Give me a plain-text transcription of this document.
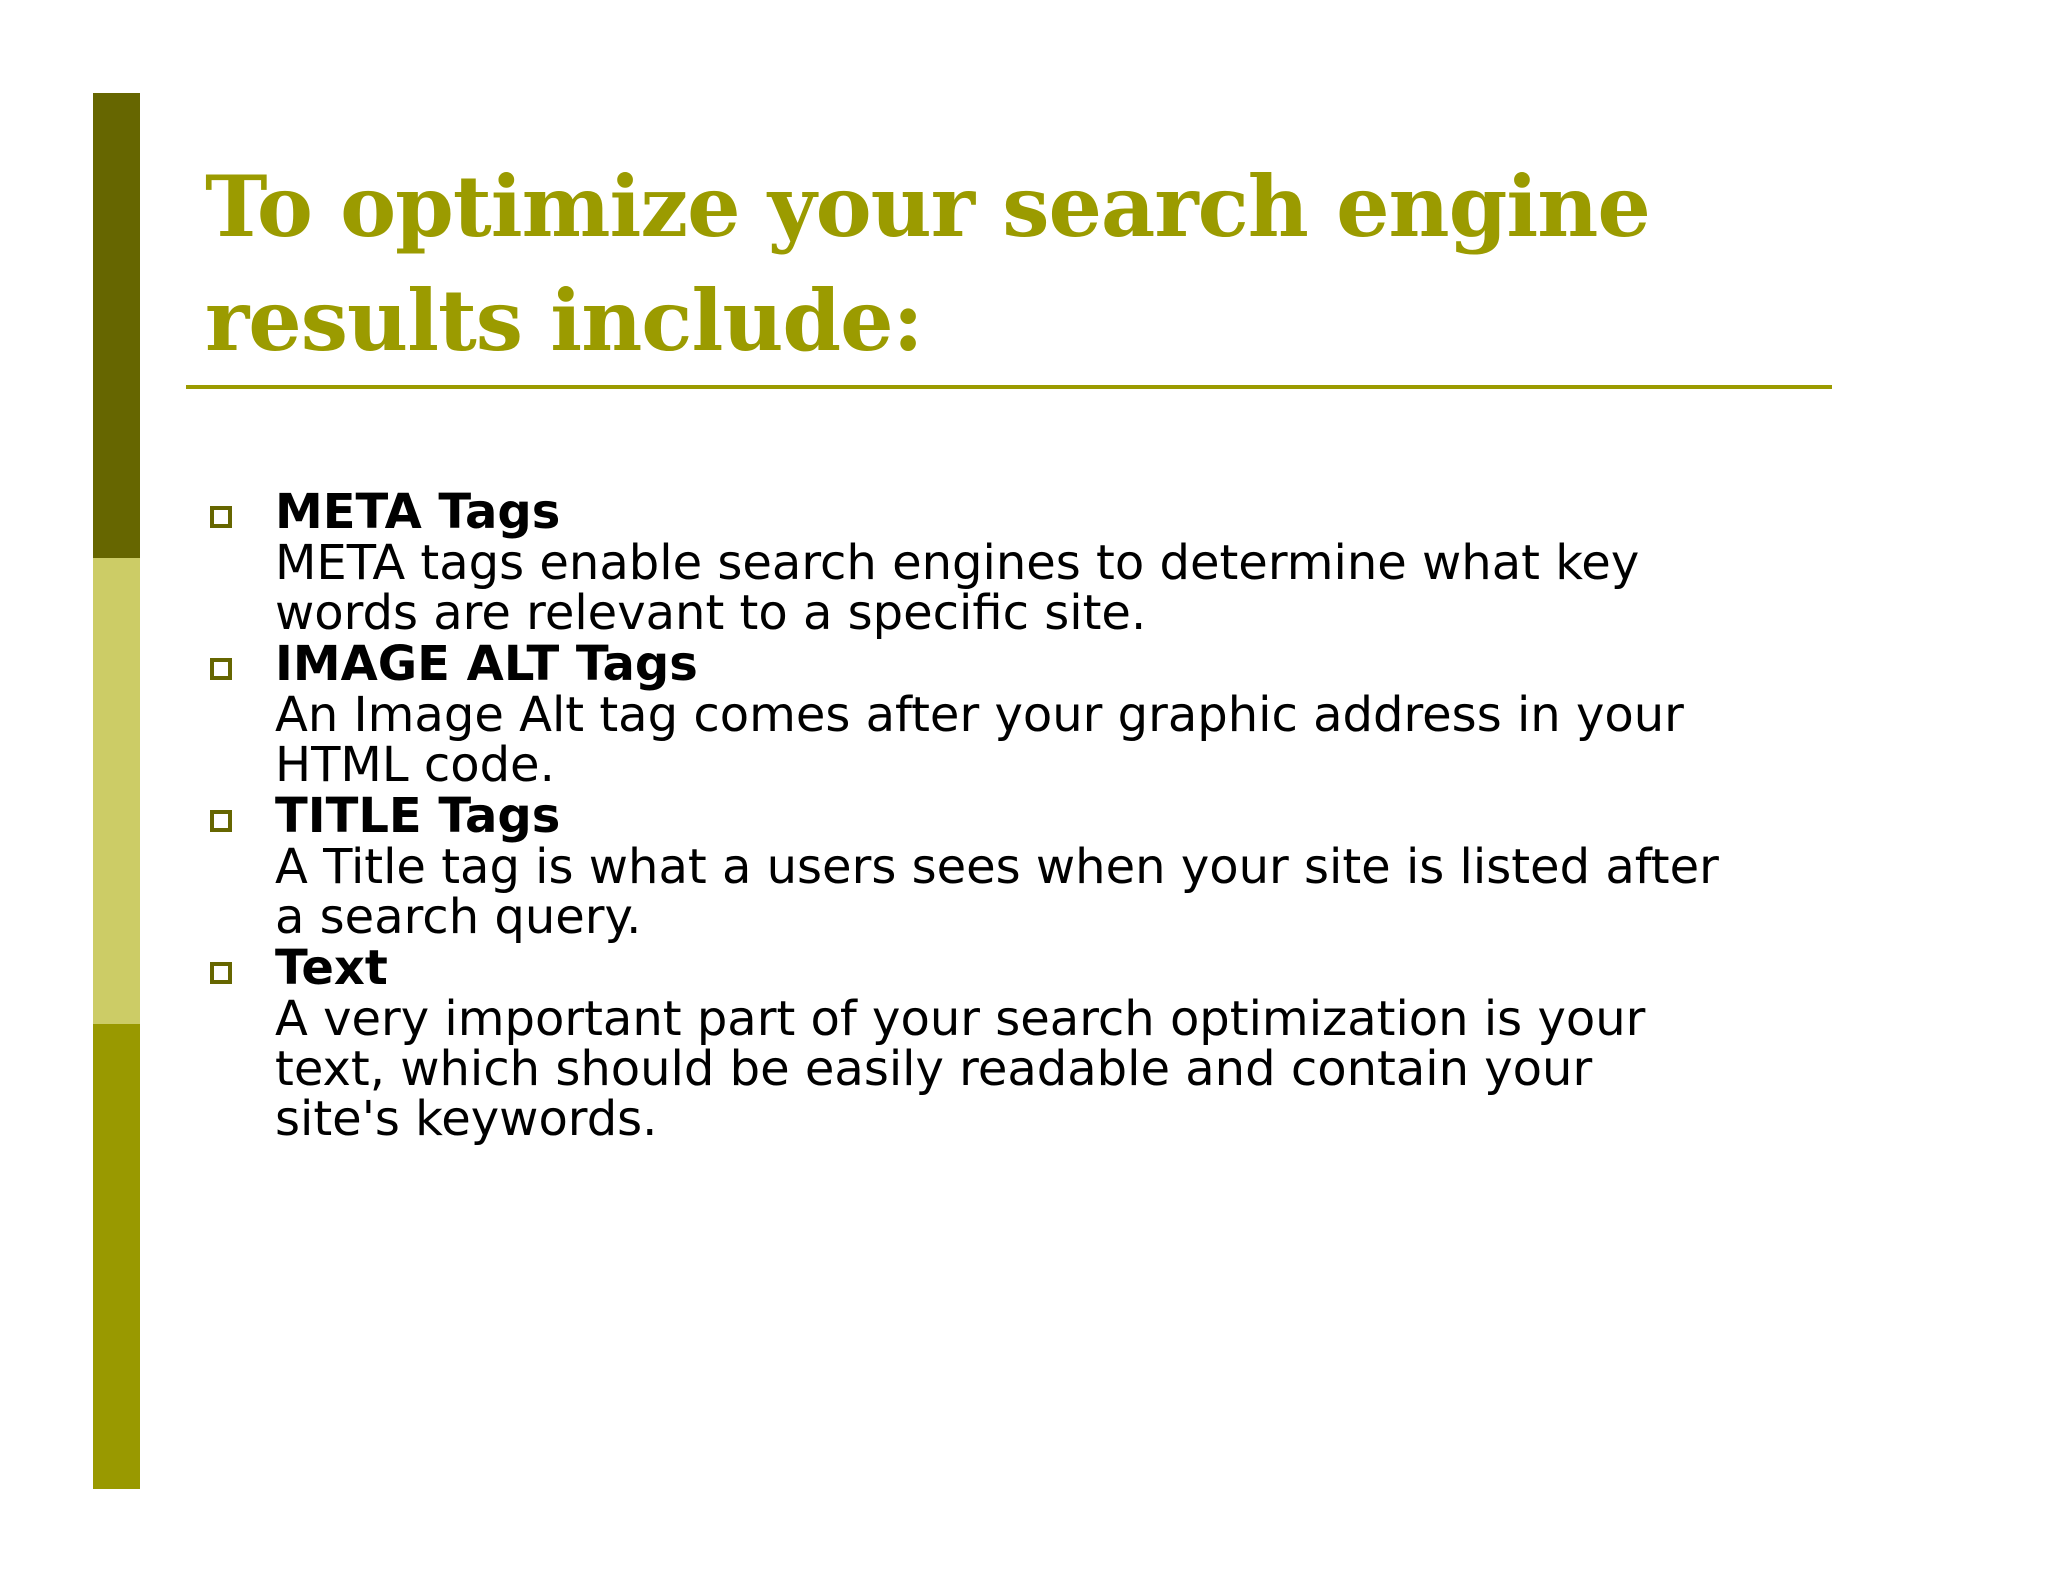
To optimize your search engine results include:
META Tags
META tags enable search engines to determine what key
words are relevant to a specific site.
IMAGE ALT Tags
An Image Alt tag comes after your graphic address in your
HTML code.
TITLE Tags
A Title tag is what a users sees when your site is listed after
a search query.
Text
A very important part of your search optimization is your
text, which should be easily readable and contain your
site's keywords.
